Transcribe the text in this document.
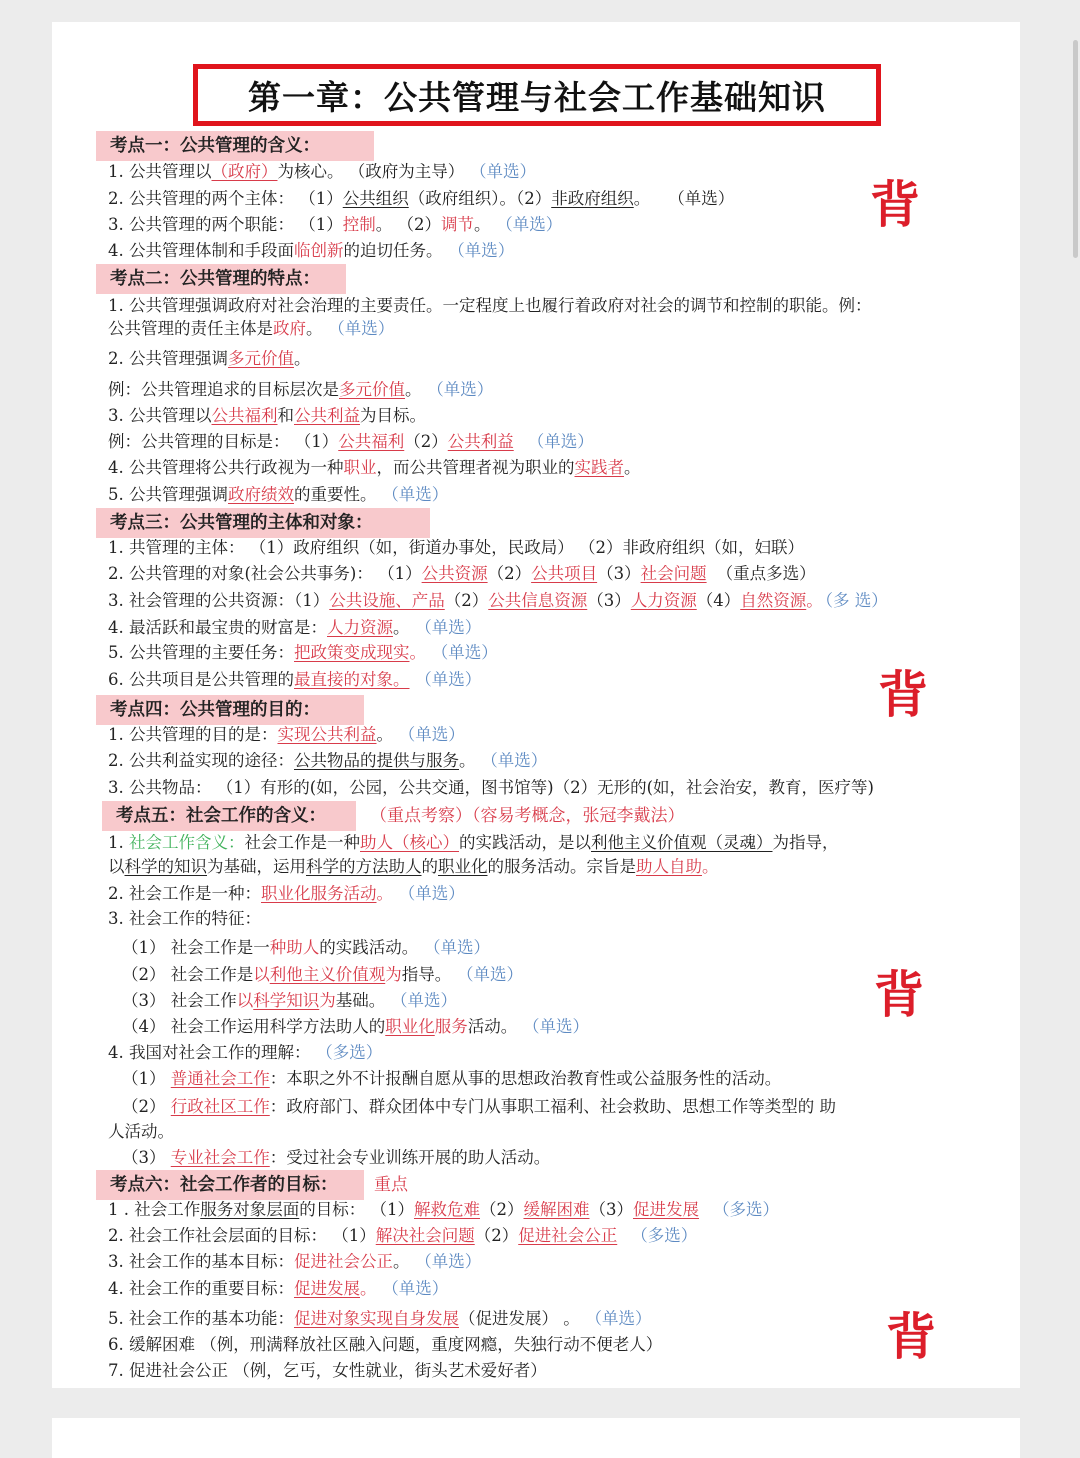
第一章：公共管理与社会工作基础知识
背
背
背
背
考点一：公共管理的含义：
1. 公共管理以（政府）为核心。 （政府为主导） （单选）
2. 公共管理的两个主体： （1）公共组织（政府组织）。（2）非政府组织。 （单选）
3. 公共管理的两个职能： （1）控制。 （2）调节。 （单选）
4. 公共管理体制和手段面临创新的迫切任务。 （单选）
考点二：公共管理的特点：
1. 公共管理强调政府对社会治理的主要责任。一定程度上也履行着政府对社会的调节和控制的职能。例：
公共管理的责任主体是政府。 （单选）
2. 公共管理强调多元价值。
例：公共管理追求的目标层次是多元价值。 （单选）
3. 公共管理以公共福利和公共利益为目标。
例：公共管理的目标是： （1）公共福利（2）公共利益 （单选）
4. 公共管理将公共行政视为一种职业，而公共管理者视为职业的实践者。
5. 公共管理强调政府绩效的重要性。 （单选）
考点三：公共管理的主体和对象：
1. 共管理的主体： （1）政府组织（如，街道办事处，民政局） （2）非政府组织（如，妇联）
2. 公共管理的对象(社会公共事务)： （1）公共资源（2）公共项目（3）社会问题 （重点多选）
3. 社会管理的公共资源：（1）公共设施、产品（2）公共信息资源（3）人力资源（4）自然资源。 （多 选）
4. 最活跃和最宝贵的财富是：人力资源。 （单选）
5. 公共管理的主要任务：把政策变成现实。 （单选）
6. 公共项目是公共管理的最直接的对象。 （单选）
考点四：公共管理的目的：
1. 公共管理的目的是：实现公共利益。 （单选）
2. 公共利益实现的途径：公共物品的提供与服务。 （单选）
3. 公共物品： （1）有形的(如，公园，公共交通，图书馆等)（2）无形的(如，社会治安，教育，医疗等)
考点五：社会工作的含义：	（重点考察）（容易考概念，张冠李戴法）
1. 社会工作含义：社会工作是一种助人（核心）的实践活动，是以利他主义价值观（灵魂）为指导，
以科学的知识为基础，运用科学的方法助人的职业化的服务活动。宗旨是助人自助。
2. 社会工作是一种：职业化服务活动。 （单选）
3. 社会工作的特征：
（1） 社会工作是一种助人的实践活动。 （单选）
（2） 社会工作是以利他主义价值观为指导。 （单选）
（3） 社会工作以科学知识为基础。 （单选）
（4） 社会工作运用科学方法助人的职业化服务活动。 （单选）
4. 我国对社会工作的理解： （多选）
（1） 普通社会工作：本职之外不计报酬自愿从事的思想政治教育性或公益服务性的活动。
（2） 行政社区工作：政府部门、群众团体中专门从事职工福利、社会救助、思想工作等类型的 助
人活动。
（3） 专业社会工作：受过社会专业训练开展的助人活动。
考点六：社会工作者的目标：	重点
1 . 社会工作服务对象层面的目标： （1）解救危难（2）缓解困难（3）促进发展 （多选）
2. 社会工作社会层面的目标： （1）解决社会问题（2）促进社会公正 （多选）
3. 社会工作的基本目标：促进社会公正。 （单选）
4. 社会工作的重要目标：促进发展。 （单选）
5. 社会工作的基本功能：促进对象实现自身发展（促进发展） 。 （单选）
6. 缓解困难 （例，刑满释放社区融入问题，重度网瘾，失独行动不便老人）
7. 促进社会公正 （例，乞丐，女性就业，街头艺术爱好者）
